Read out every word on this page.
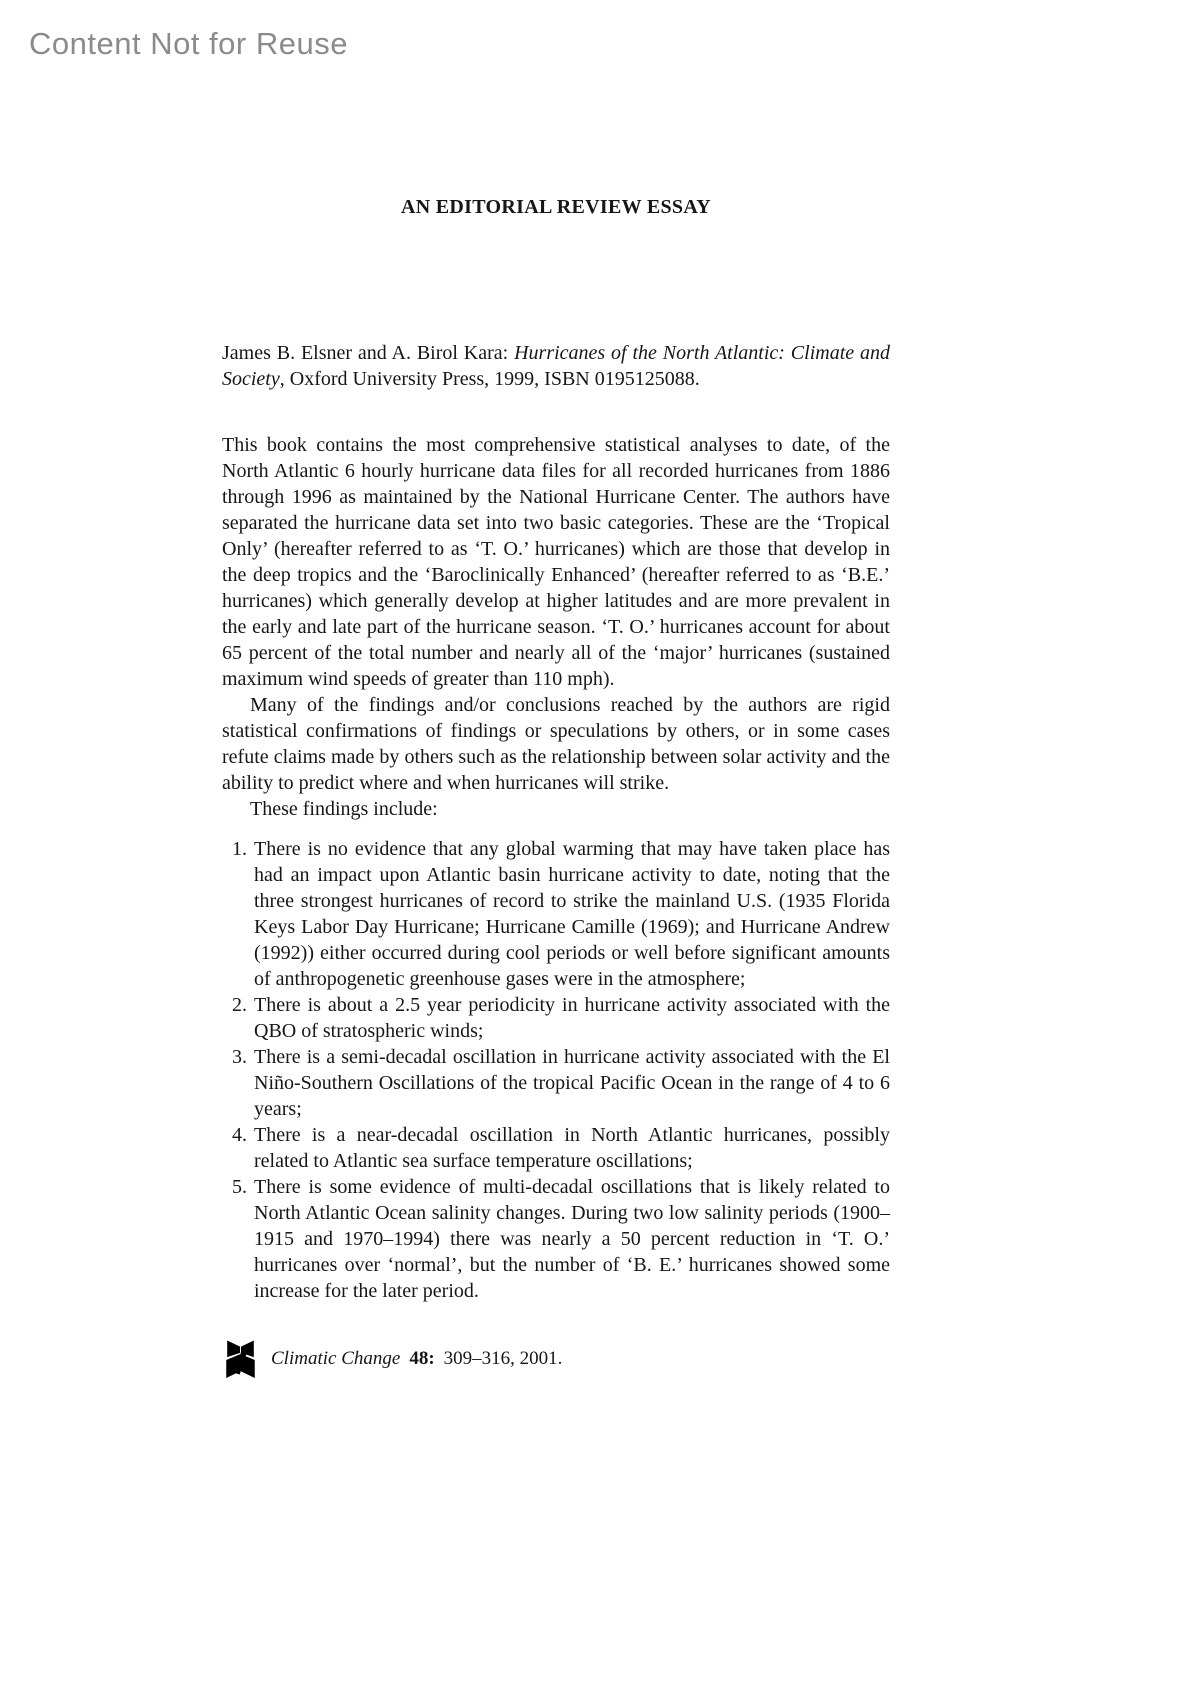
Content Not for Reuse
AN EDITORIAL REVIEW ESSAY
James B. Elsner and A. Birol Kara: Hurricanes of the North Atlantic: Climate and Society, Oxford University Press, 1999, ISBN 0195125088.

This book contains the most comprehensive statistical analyses to date, of the North Atlantic 6 hourly hurricane data files for all recorded hurricanes from 1886 through 1996 as maintained by the National Hurricane Center. The authors have separated the hurricane data set into two basic categories. These are the ‘Tropical Only’ (hereafter referred to as ‘T. O.’ hurricanes) which are those that develop in the deep tropics and the ‘Baroclinically Enhanced’ (hereafter referred to as ‘B.E.’ hurricanes) which generally develop at higher latitudes and are more prevalent in the early and late part of the hurricane season. ‘T. O.’ hurricanes account for about 65 percent of the total number and nearly all of the ‘major’ hurricanes (sustained maximum wind speeds of greater than 110 mph).

Many of the findings and/or conclusions reached by the authors are rigid statistical confirmations of findings or speculations by others, or in some cases refute claims made by others such as the relationship between solar activity and the ability to predict where and when hurricanes will strike.

These findings include:

1. There is no evidence that any global warming that may have taken place has had an impact upon Atlantic basin hurricane activity to date, noting that the three strongest hurricanes of record to strike the mainland U.S. (1935 Florida Keys Labor Day Hurricane; Hurricane Camille (1969); and Hurricane Andrew (1992)) either occurred during cool periods or well before significant amounts of anthropogenetic greenhouse gases were in the atmosphere;
2. There is about a 2.5 year periodicity in hurricane activity associated with the QBO of stratospheric winds;
3. There is a semi-decadal oscillation in hurricane activity associated with the El Niño-Southern Oscillations of the tropical Pacific Ocean in the range of 4 to 6 years;
4. There is a near-decadal oscillation in North Atlantic hurricanes, possibly related to Atlantic sea surface temperature oscillations;
5. There is some evidence of multi-decadal oscillations that is likely related to North Atlantic Ocean salinity changes. During two low salinity periods (1900–1915 and 1970–1994) there was nearly a 50 percent reduction in ‘T. O.’ hurricanes over ‘normal’, but the number of ‘B. E.’ hurricanes showed some increase for the later period.
Climatic Change 48: 309–316, 2001.
